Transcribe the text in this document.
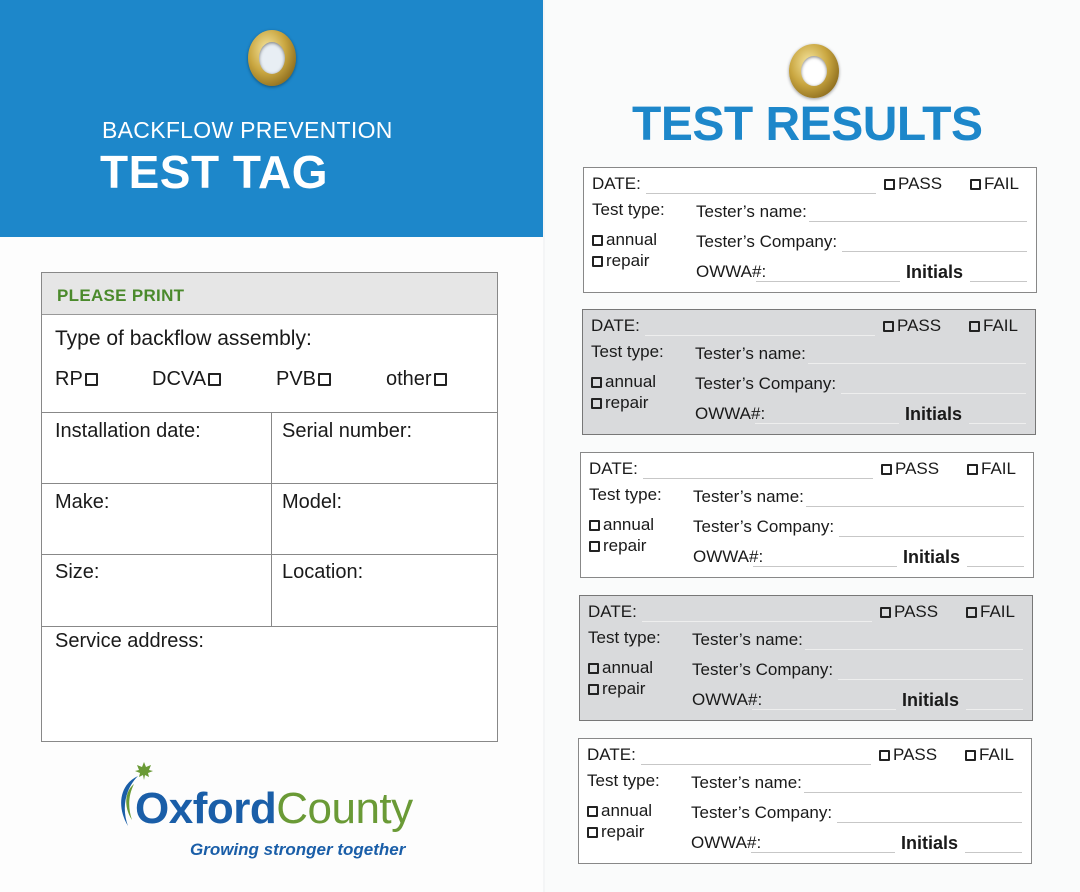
BACKFLOW PREVENTION
TEST TAG
PLEASE PRINT
Type of backflow assembly:
RP	DCVA	PVB	other
Installation date:	Serial number:
Make:	Model:
Size:	Location:
Service address:
OxfordCounty
Growing stronger together
TEST RESULTS
DATE:	PASS	FAIL
Test type: Tester’s name:
Tester’s Company:
annual
repair
OWWA#:	Initials
DATE:	PASS	FAIL
Test type: Tester’s name:
Tester’s Company:
annual
repair
OWWA#:	Initials
DATE:	PASS	FAIL
Test type: Tester’s name:
Tester’s Company:
annual
repair
OWWA#:	Initials
DATE:	PASS	FAIL
Test type: Tester’s name:
Tester’s Company:
annual
repair
OWWA#:	Initials
DATE:	PASS	FAIL
Test type: Tester’s name:
Tester’s Company:
annual
repair
OWWA#:	Initials
